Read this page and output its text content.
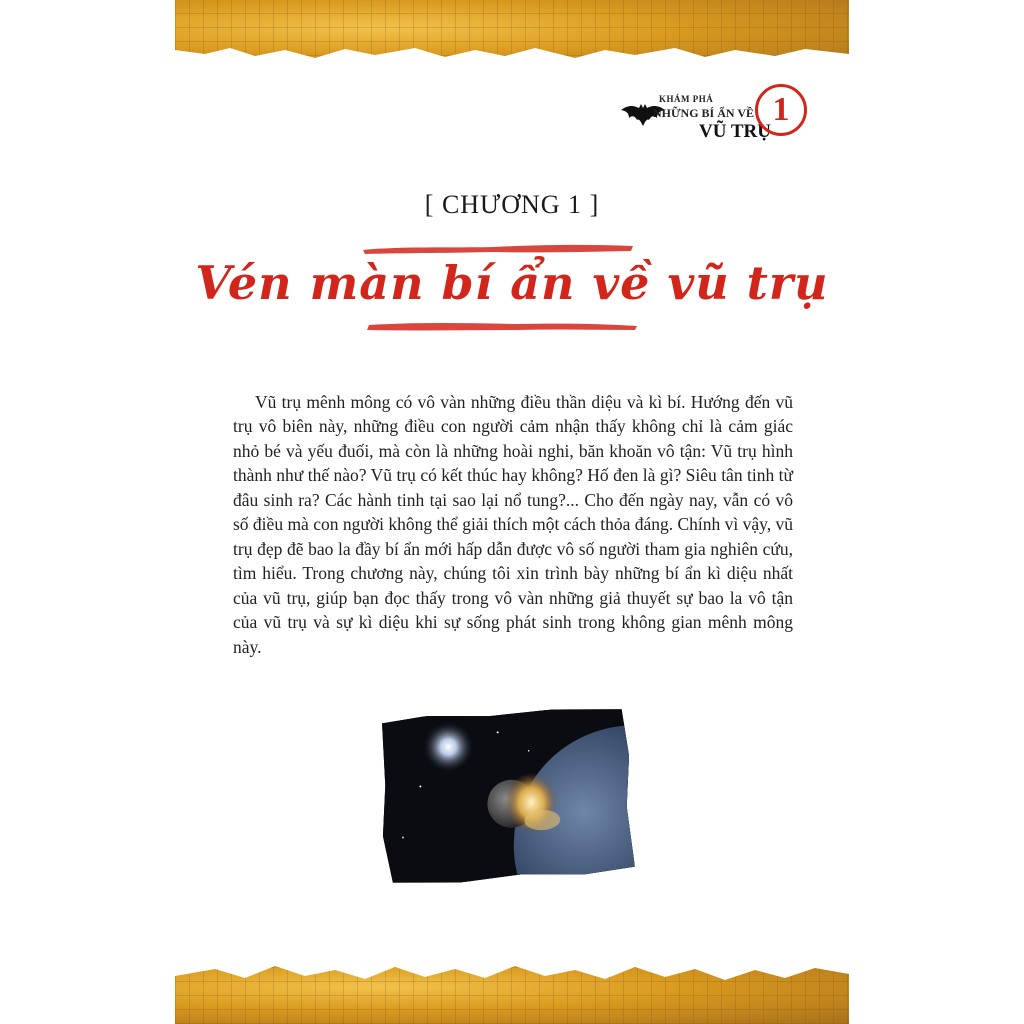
KHÁM PHÁ
NHỮNG BÍ ẨN VỀ
VŨ TRỤ
1
[ CHƯƠNG 1 ]
Vén màn bí ẩn về vũ trụ

Vũ trụ mênh mông có vô vàn những điều thần diệu và kì bí. Hướng đến vũ trụ vô biên này, những điều con người cảm nhận thấy không chỉ là cảm giác nhỏ bé và yếu đuối, mà còn là những hoài nghi, băn khoăn vô tận: Vũ trụ hình thành như thế nào? Vũ trụ có kết thúc hay không? Hố đen là gì? Siêu tân tinh từ đâu sinh ra? Các hành tinh tại sao lại nổ tung?... Cho đến ngày nay, vẫn có vô số điều mà con người không thể giải thích một cách thỏa đáng. Chính vì vậy, vũ trụ đẹp đẽ bao la đầy bí ẩn mới hấp dẫn được vô số người tham gia nghiên cứu, tìm hiểu. Trong chương này, chúng tôi xin trình bày những bí ẩn kì diệu nhất của vũ trụ, giúp bạn đọc thấy trong vô vàn những giả thuyết sự bao la vô tận của vũ trụ và sự kì diệu khi sự sống phát sinh trong không gian mênh mông này.
